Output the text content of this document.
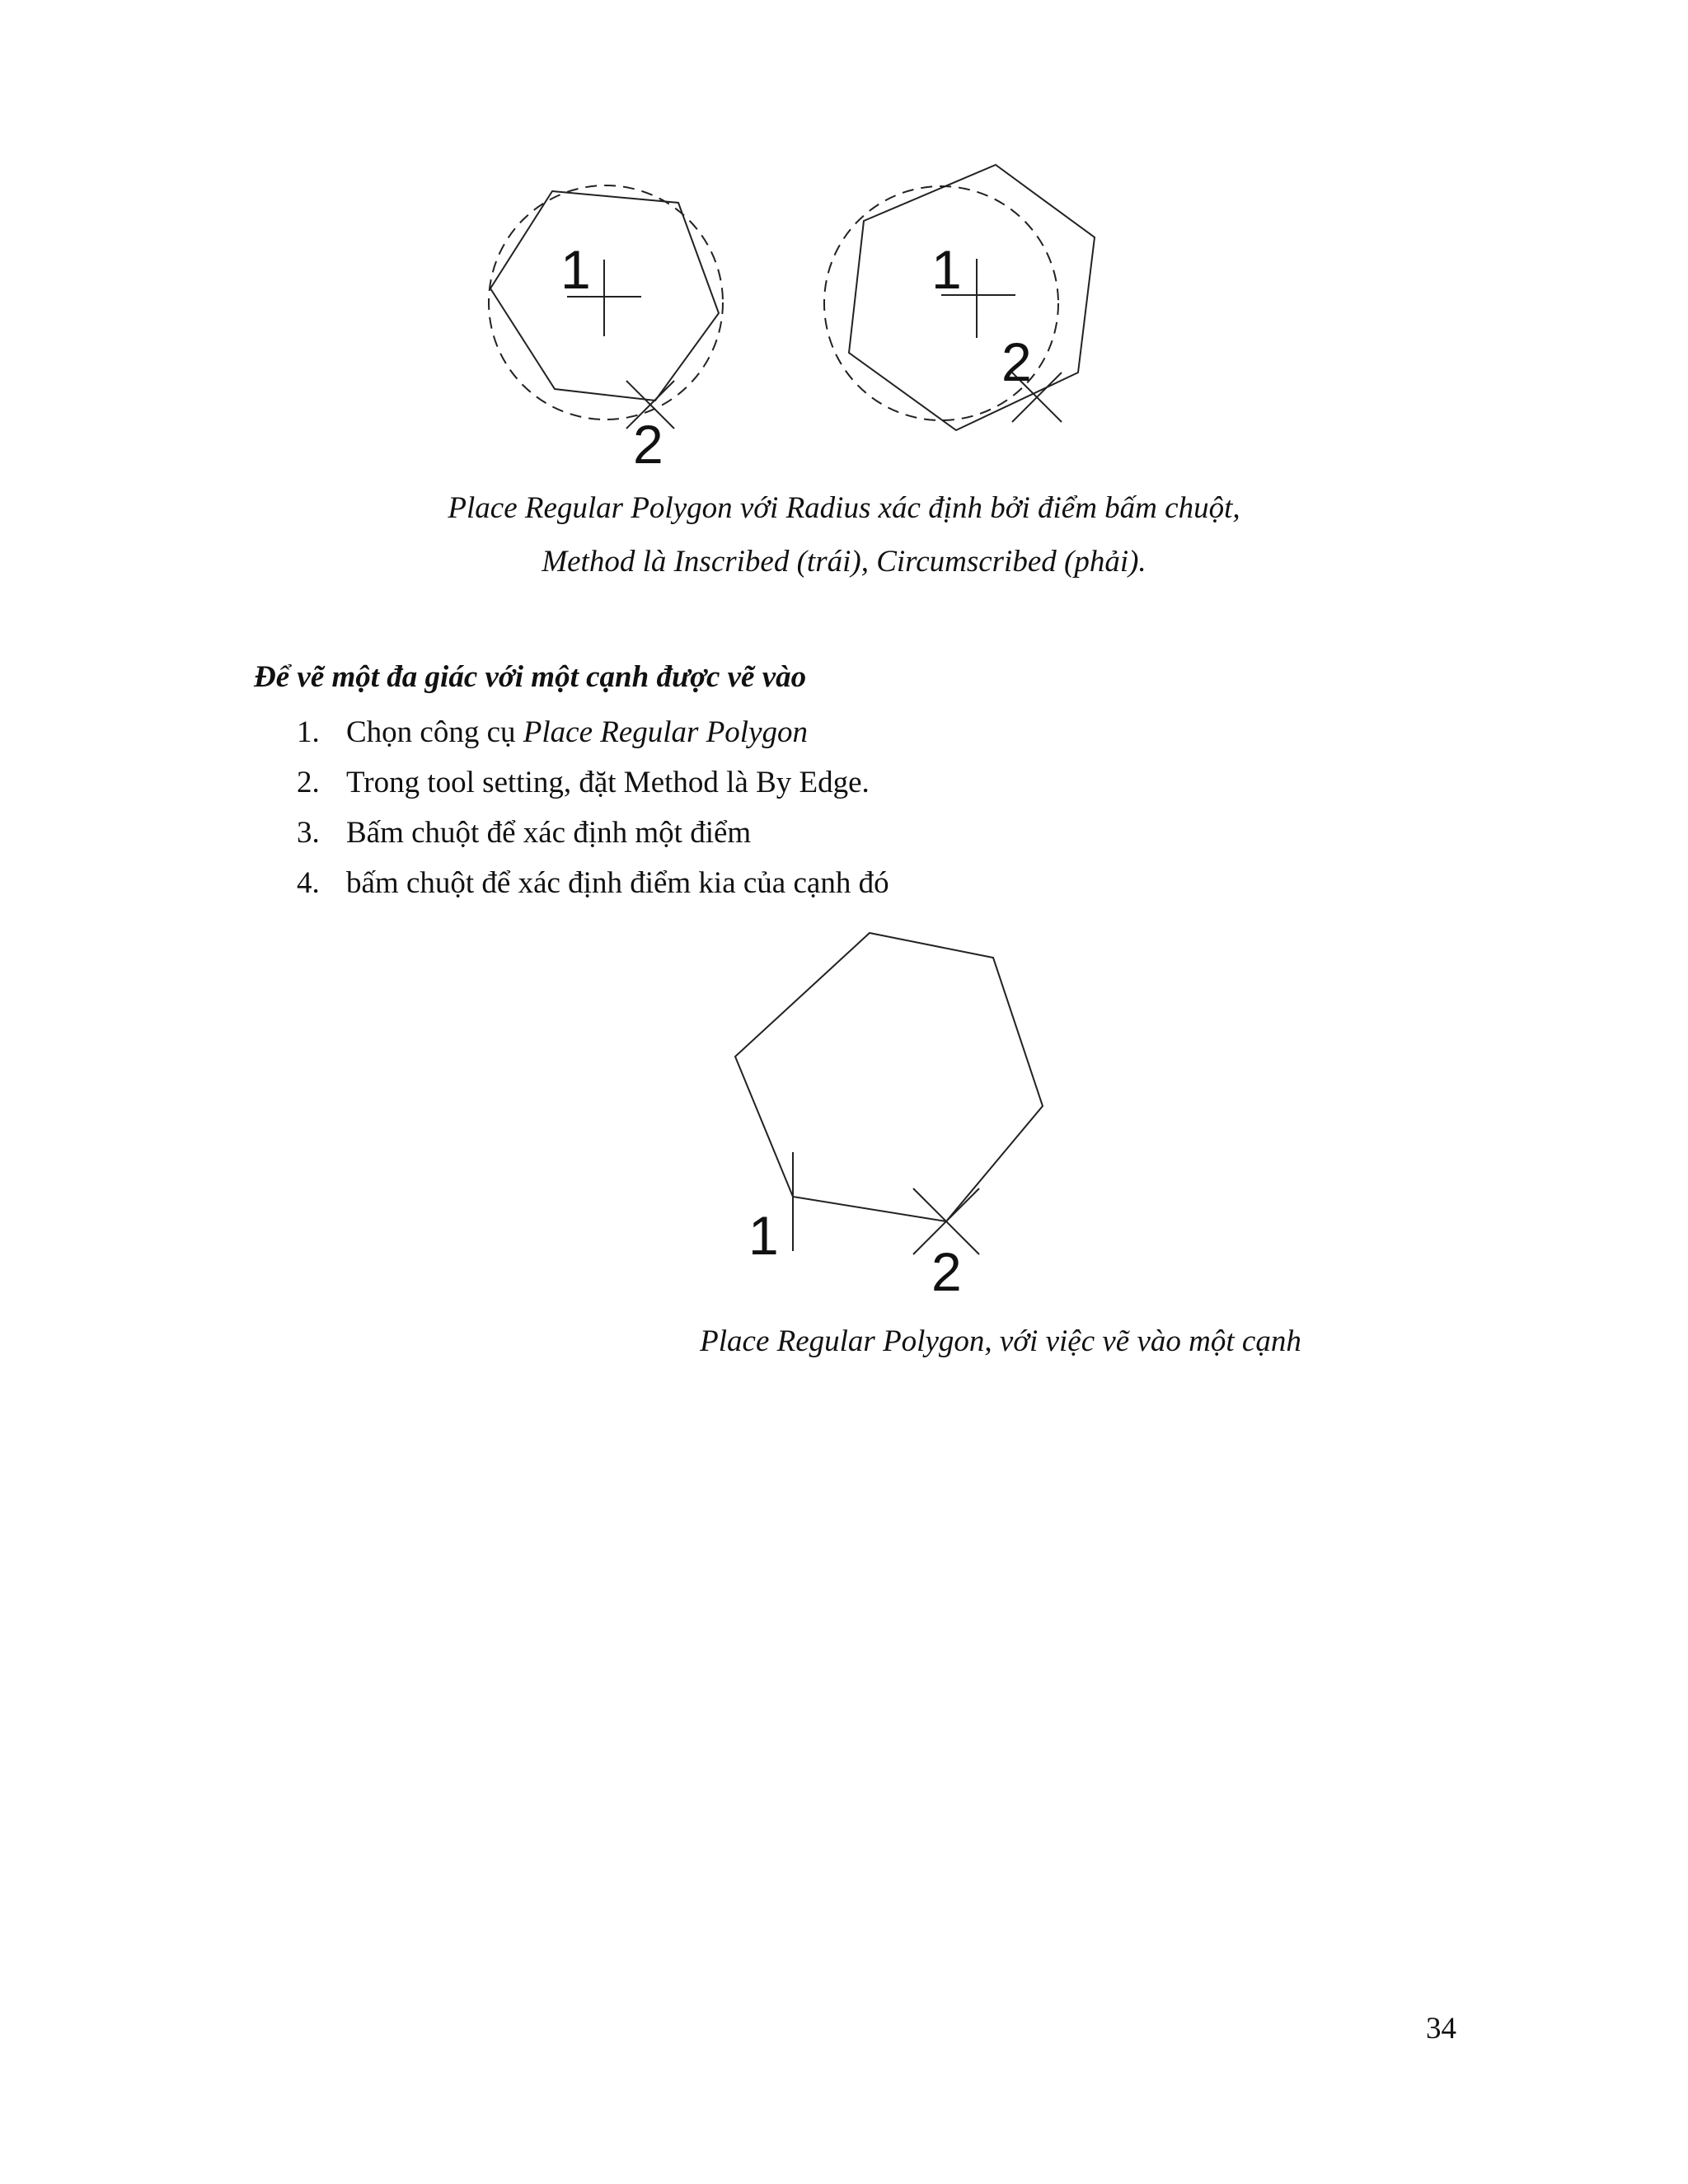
1
2
1
2
Place Regular Polygon với Radius xác định bởi điểm bấm chuột,
Method là Inscribed (trái), Circumscribed (phải).
Để vẽ một đa giác với một cạnh được vẽ vào
1. Chọn công cụ Place Regular Polygon
2. Trong tool setting, đặt Method là By Edge.
3. Bấm chuột để xác định một điểm
4. bấm chuột để xác định điểm kia của cạnh đó
1
2
Place Regular Polygon, với việc vẽ vào một cạnh
34
